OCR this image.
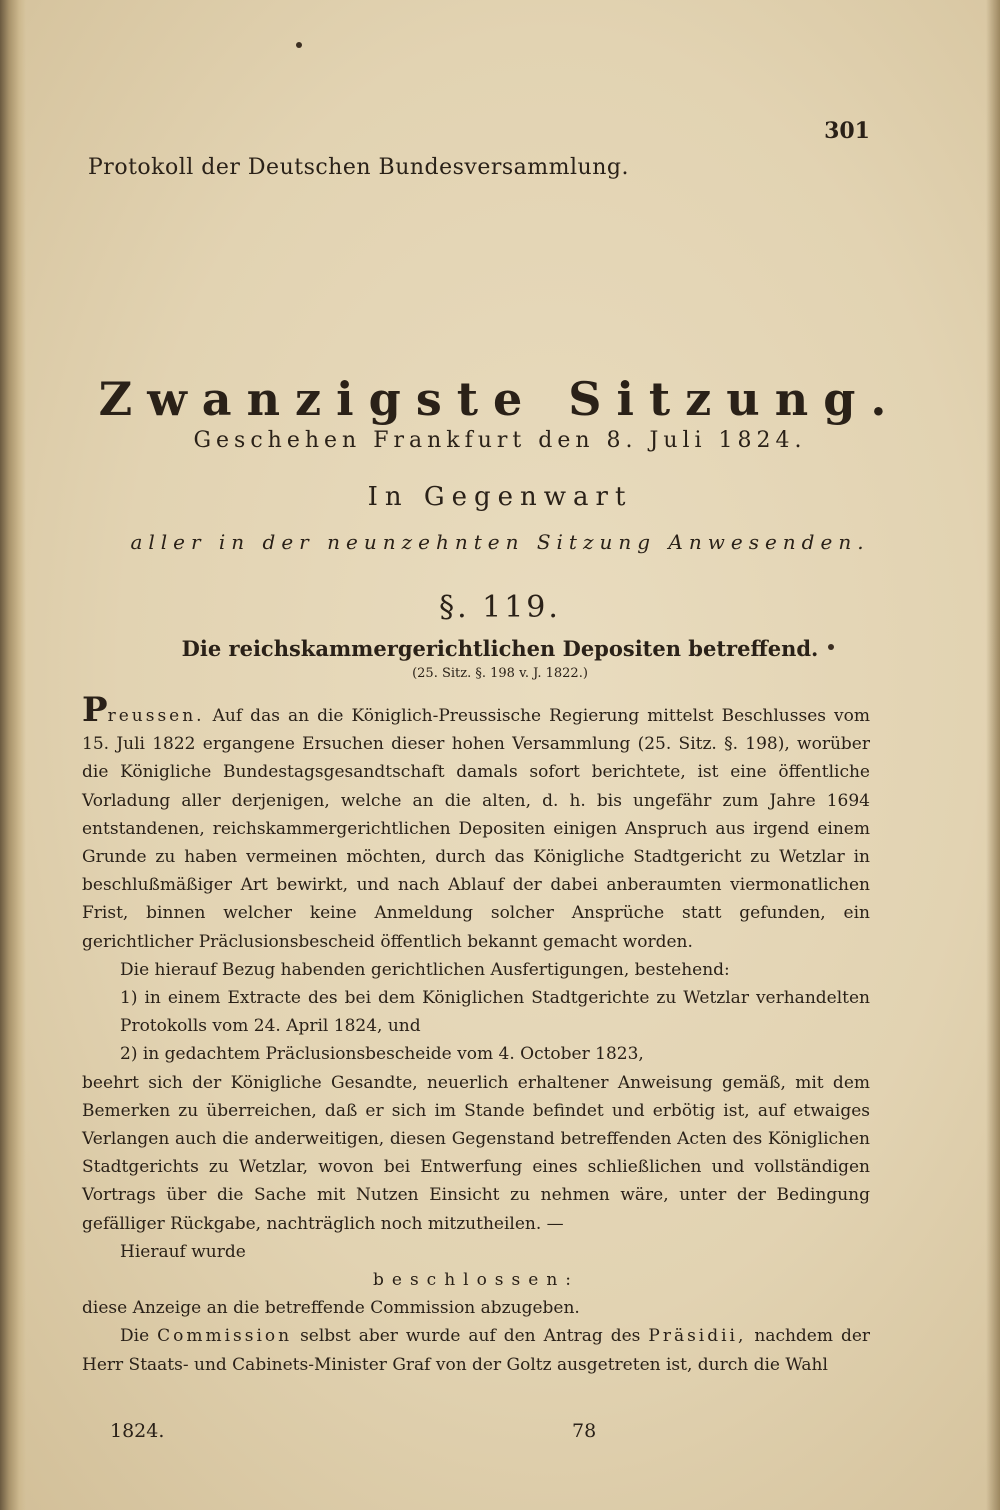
301
Protokoll der Deutschen Bundesversammlung.
Zwanzigste Sitzung.
Geschehen Frankfurt den 8. Juli 1824.
In Gegenwart
aller in der neunzehnten Sitzung Anwesenden.
§. 119.
Die reichskammergerichtlichen Depositen betreffend.
(25. Sitz. §. 198 v. J. 1822.)

Preussen. Auf das an die Königlich-Preussische Regierung mittelst Beschlusses vom 15. Juli 1822 ergangene Ersuchen dieser hohen Versammlung (25. Sitz. §. 198), worüber die Königliche Bundestagsgesandtschaft damals sofort berichtete, ist eine öffentliche Vorladung aller derjenigen, welche an die alten, d. h. bis ungefähr zum Jahre 1694 entstandenen, reichskammergerichtlichen Depositen einigen Anspruch aus irgend einem Grunde zu haben vermeinen möchten, durch das Königliche Stadtgericht zu Wetzlar in beschlußmäßiger Art bewirkt, und nach Ablauf der dabei anberaumten viermonatlichen Frist, binnen welcher keine Anmeldung solcher Ansprüche statt gefunden, ein gerichtlicher Präclusionsbescheid öffentlich bekannt gemacht worden.

Die hierauf Bezug habenden gerichtlichen Ausfertigungen, bestehend:

1) in einem Extracte des bei dem Königlichen Stadtgerichte zu Wetzlar verhandelten Protokolls vom 24. April 1824, und

2) in gedachtem Präclusionsbescheide vom 4. October 1823,

beehrt sich der Königliche Gesandte, neuerlich erhaltener Anweisung gemäß, mit dem Bemerken zu überreichen, daß er sich im Stande befindet und erbötig ist, auf etwaiges Verlangen auch die anderweitigen, diesen Gegenstand betreffenden Acten des Königlichen Stadtgerichts zu Wetzlar, wovon bei Entwerfung eines schließlichen und vollständigen Vortrags über die Sache mit Nutzen Einsicht zu nehmen wäre, unter der Bedingung gefälliger Rückgabe, nachträglich noch mitzutheilen. —

Hierauf wurde

beschlossen:

diese Anzeige an die betreffende Commission abzugeben.

Die Commission selbst aber wurde auf den Antrag des Präsidii, nachdem der Herr Staats- und Cabinets-Minister Graf von der Goltz ausgetreten ist, durch die Wahl

1824.	78
